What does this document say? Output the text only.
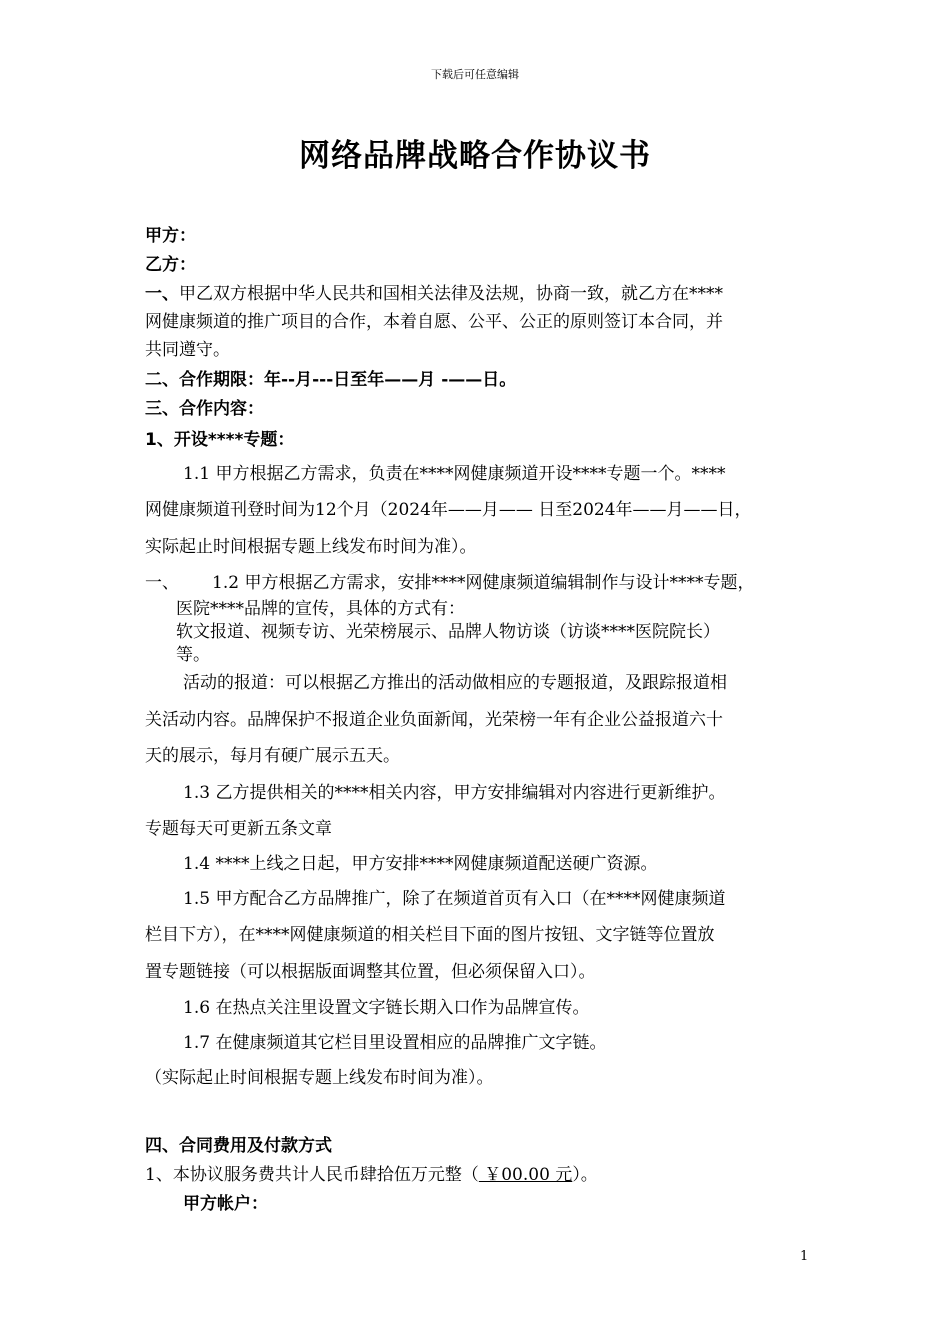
下载后可任意编辑
网络品牌战略合作协议书
甲方：
乙方：
一、甲乙双方根据中华人民共和国相关法律及法规，协商一致，就乙方在****
网健康频道的推广项目的合作，本着自愿、公平、公正的原则签订本合同，并
共同遵守。
二、合作期限：年--月---日至年——月 -——日。
三、合作内容：
1、开设****专题：
1.1 甲方根据乙方需求，负责在****网健康频道开设****专题一个。****
网健康频道刊登时间为12个月（2024年——月—— 日至2024年——月——日，
实际起止时间根据专题上线发布时间为准）。
一、 1.2 甲方根据乙方需求，安排****网健康频道编辑制作与设计****专题，
医院****品牌的宣传，具体的方式有：
软文报道、视频专访、光荣榜展示、品牌人物访谈（访谈****医院院长）
等。
活动的报道：可以根据乙方推出的活动做相应的专题报道，及跟踪报道相
关活动内容。品牌保护不报道企业负面新闻，光荣榜一年有企业公益报道六十
天的展示，每月有硬广展示五天。
1.3 乙方提供相关的****相关内容，甲方安排编辑对内容进行更新维护。
专题每天可更新五条文章
1.4 ****上线之日起，甲方安排****网健康频道配送硬广资源。
1.5 甲方配合乙方品牌推广，除了在频道首页有入口（在****网健康频道
栏目下方），在****网健康频道的相关栏目下面的图片按钮、文字链等位置放
置专题链接（可以根据版面调整其位置，但必须保留入口）。
1.6 在热点关注里设置文字链长期入口作为品牌宣传。
1.7 在健康频道其它栏目里设置相应的品牌推广文字链。
（实际起止时间根据专题上线发布时间为准）。
四、合同费用及付款方式
1、本协议服务费共计人民币肆拾伍万元整（ ￥00.00 元）。
甲方帐户：
1
